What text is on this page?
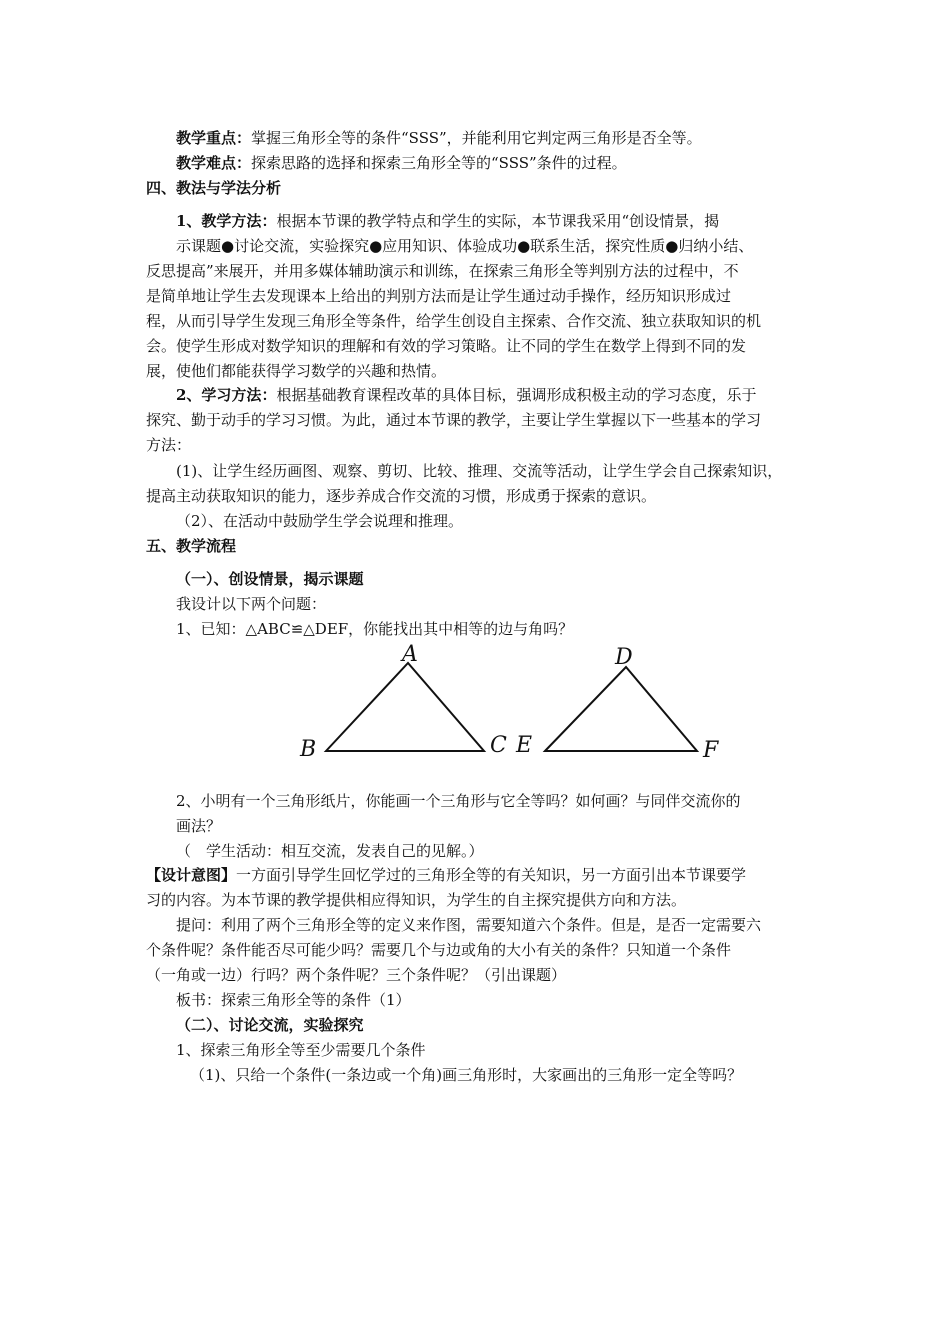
教学重点：掌握三角形全等的条件“SSS”，并能利用它判定两三角形是否全等。
教学难点：探索思路的选择和探索三角形全等的“SSS”条件的过程。
四、教法与学法分析
1、教学方法：根据本节课的教学特点和学生的实际，本节课我采用“创设情景，揭
示课题●讨论交流，实验探究●应用知识、体验成功●联系生活，探究性质●归纳小结、
反思提高”来展开，并用多媒体辅助演示和训练，在探索三角形全等判别方法的过程中，不
是简单地让学生去发现课本上给出的判别方法而是让学生通过动手操作，经历知识形成过
程，从而引导学生发现三角形全等条件，给学生创设自主探索、合作交流、独立获取知识的机
会。使学生形成对数学知识的理解和有效的学习策略。让不同的学生在数学上得到不同的发
展，使他们都能获得学习数学的兴趣和热情。
2、学习方法：根据基础教育课程改革的具体目标，强调形成积极主动的学习态度，乐于
探究、勤于动手的学习习惯。为此，通过本节课的教学，主要让学生掌握以下一些基本的学习
方法：
(1)、让学生经历画图、观察、剪切、比较、推理、交流等活动，让学生学会自己探索知识，
提高主动获取知识的能力，逐步养成合作交流的习惯，形成勇于探索的意识。
（2）、在活动中鼓励学生学会说理和推理。
五、教学流程
（一）、创设情景，揭示课题
我设计以下两个问题：
1、已知：△ABC≌△DEF，你能找出其中相等的边与角吗？
A
B	C
D
E	F
2、小明有一个三角形纸片，你能画一个三角形与它全等吗？如何画？与同伴交流你的
画法？
（　学生活动：相互交流，发表自己的见解。）
【设计意图】一方面引导学生回忆学过的三角形全等的有关知识，另一方面引出本节课要学
习的内容。为本节课的教学提供相应得知识，为学生的自主探究提供方向和方法。
提问：利用了两个三角形全等的定义来作图，需要知道六个条件。但是，是否一定需要六
个条件呢？条件能否尽可能少吗？需要几个与边或角的大小有关的条件？只知道一个条件
（一角或一边）行吗？两个条件呢？三个条件呢？（引出课题）
板书：探索三角形全等的条件（1）
（二）、讨论交流，实验探究
1、探索三角形全等至少需要几个条件
（1)、只给一个条件(一条边或一个角)画三角形时，大家画出的三角形一定全等吗？
